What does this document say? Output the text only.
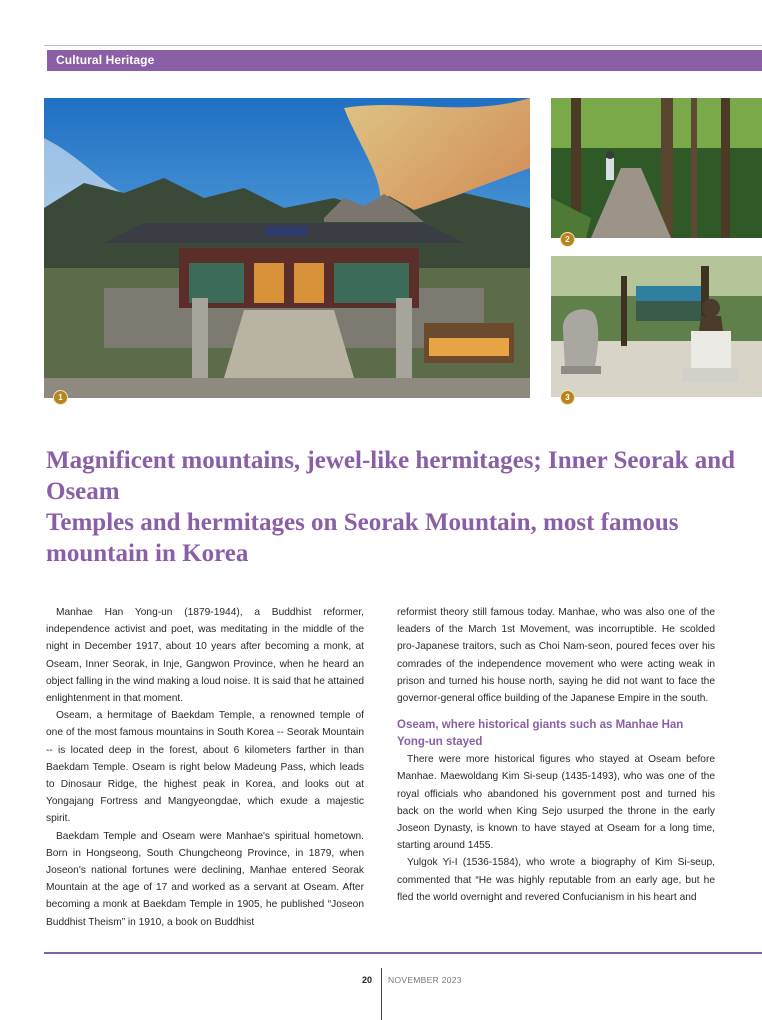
Cultural Heritage
1
2
3
Magnificent mountains, jewel-like hermitages; Inner Seorak and Oseam
Temples and hermitages on Seorak Mountain, most famous mountain in Korea

Manhae Han Yong-un (1879-1944), a Buddhist reformer, independence activist and poet, was meditating in the middle of the night in December 1917, about 10 years after becoming a monk, at Oseam, Inner Seorak, in Inje, Gangwon Province, when he heard an object falling in the wind making a loud noise. It is said that he attained enlightenment in that moment.

Oseam, a hermitage of Baekdam Temple, a renowned temple of one of the most famous mountains in South Korea -- Seorak Mountain -- is located deep in the forest, about 6 kilometers farther in than Baekdam Temple. Oseam is right below Madeung Pass, which leads to Dinosaur Ridge, the highest peak in Korea, and looks out at Yongajang Fortress and Mangyeongdae, which exude a majestic spirit.

Baekdam Temple and Oseam were Manhae's spiritual hometown. Born in Hongseong, South Chungcheong Province, in 1879, when Joseon's national fortunes were declining, Manhae entered Seorak Mountain at the age of 17 and worked as a servant at Oseam. After becoming a monk at Baekdam Temple in 1905, he published “Joseon Buddhist Theism” in 1910, a book on Buddhist

reformist theory still famous today. Manhae, who was also one of the leaders of the March 1st Movement, was incorruptible. He scolded pro-Japanese traitors, such as Choi Nam-seon, poured feces over his comrades of the independence movement who were acting weak in prison and turned his house north, saying he did not want to face the governor-general office building of the Japanese Empire in the south.

Oseam, where historical giants such as Manhae Han Yong-un stayed

There were more historical figures who stayed at Oseam before Manhae. Maewoldang Kim Si-seup (1435-1493), who was one of the royal officials who abandoned his government post and turned his back on the world when King Sejo usurped the throne in the early Joseon Dynasty, is known to have stayed at Oseam for a long time, starting around 1455.

Yulgok Yi-I (1536-1584), who wrote a biography of Kim Si-seup, commented that “He was highly reputable from an early age, but he fled the world overnight and revered Confucianism in his heart and

20 NOVEMBER 2023
